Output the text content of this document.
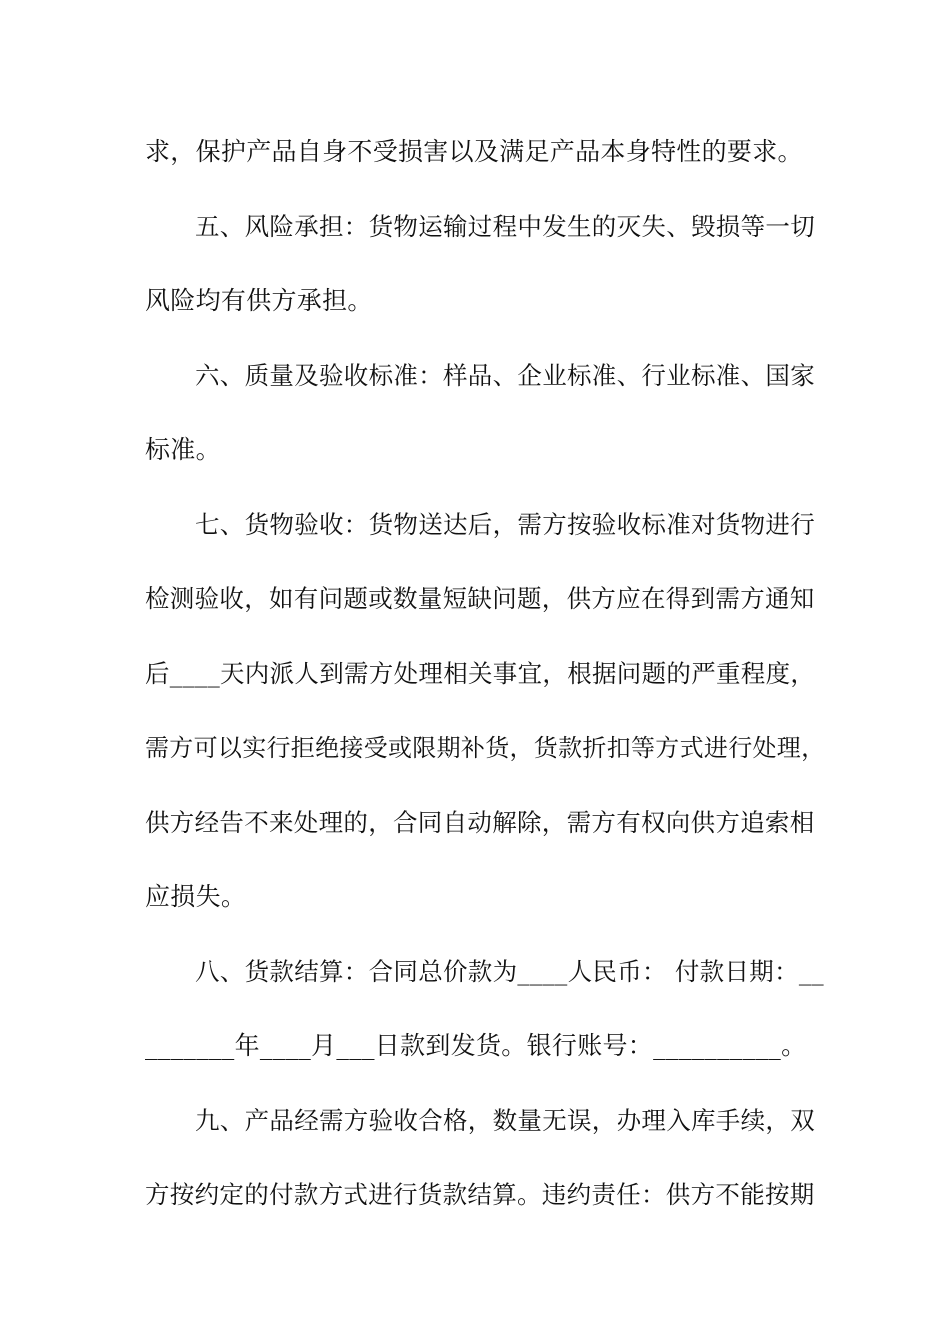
求，保护产品自身不受损害以及满足产品本身特性的要求。
五、风险承担：货物运输过程中发生的灭失、毁损等一切
风险均有供方承担。
六、质量及验收标准：样品、企业标准、行业标准、国家
标准。
七、货物验收：货物送达后，需方按验收标准对货物进行
检测验收，如有问题或数量短缺问题，供方应在得到需方通知
后____天内派人到需方处理相关事宜，根据问题的严重程度，
需方可以实行拒绝接受或限期补货，货款折扣等方式进行处理，
供方经告不来处理的，合同自动解除，需方有权向供方追索相
应损失。
八、货款结算：合同总价款为____人民币： 付款日期：__
_______年____月___日款到发货。银行账号：__________。
九、产品经需方验收合格，数量无误，办理入库手续，双
方按约定的付款方式进行货款结算。违约责任：供方不能按期
